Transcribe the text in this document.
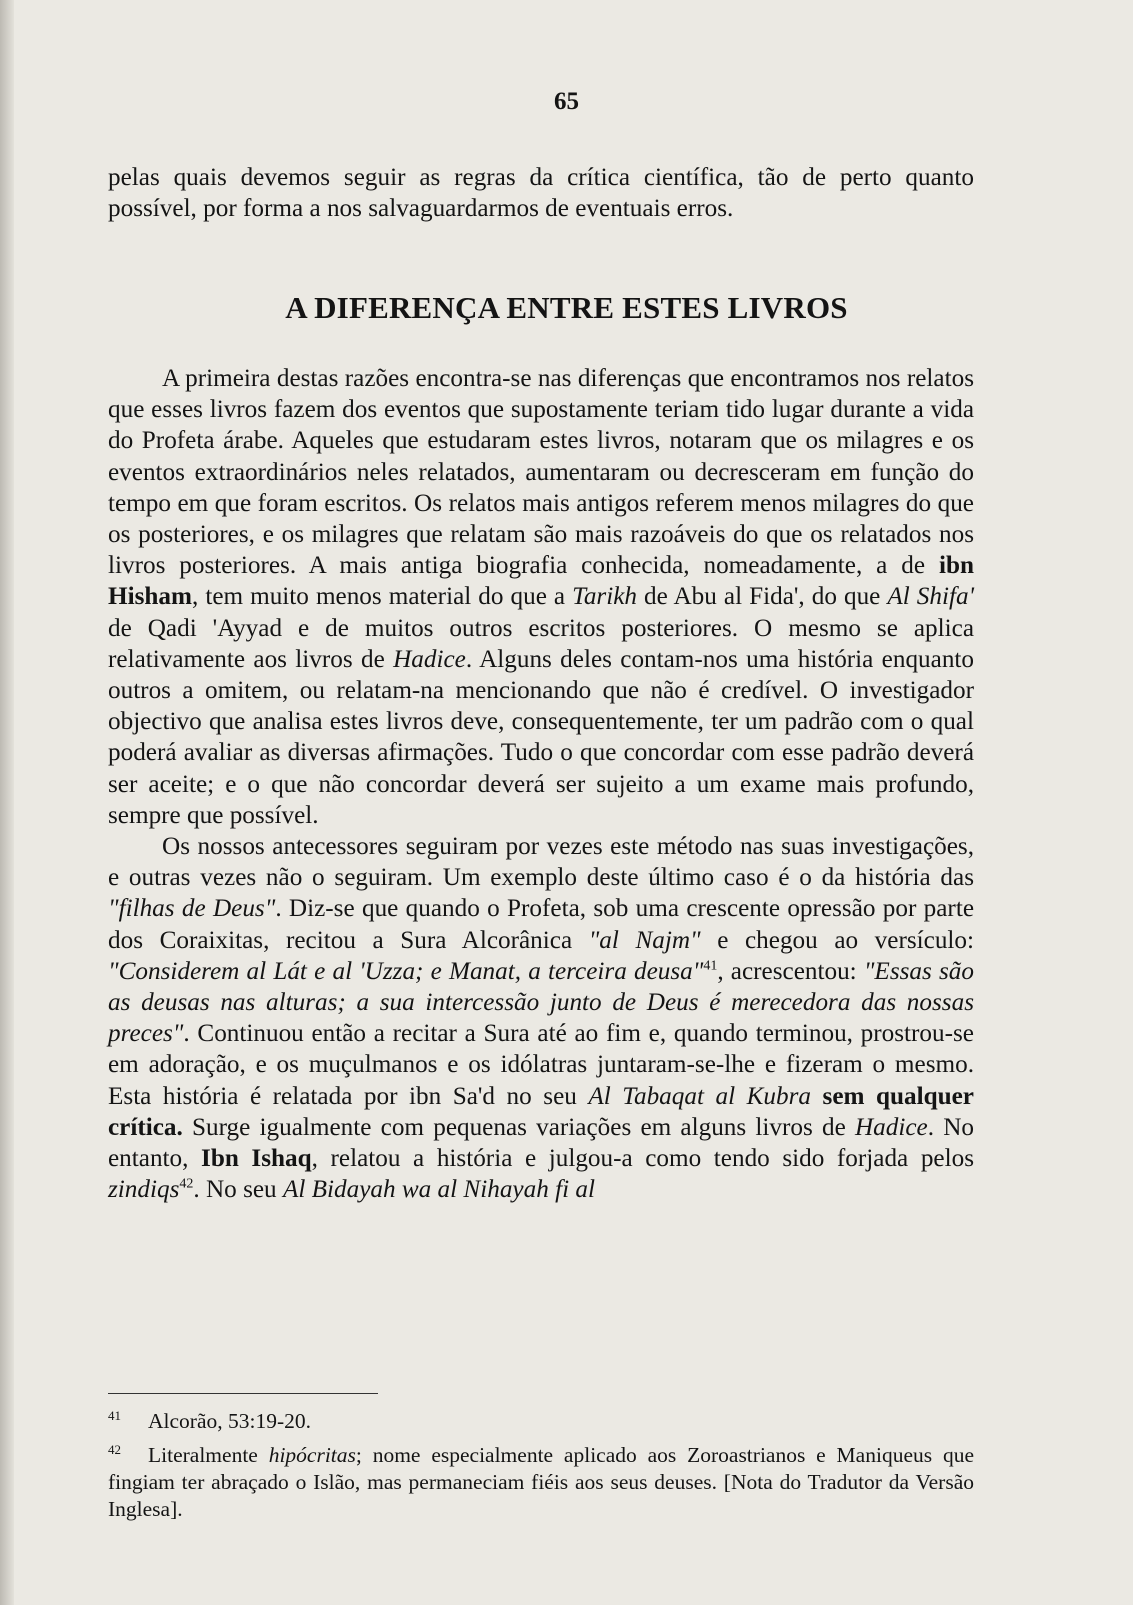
65

pelas quais devemos seguir as regras da crítica científica, tão de perto quanto possível, por forma a nos salvaguardarmos de eventuais erros.

A DIFERENÇA ENTRE ESTES LIVROS

A primeira destas razões encontra-se nas diferenças que encontramos nos relatos que esses livros fazem dos eventos que supostamente teriam tido lugar durante a vida do Profeta árabe. Aqueles que estudaram estes livros, notaram que os milagres e os eventos extraordinários neles relatados, aumentaram ou decresceram em função do tempo em que foram escritos. Os relatos mais antigos referem menos milagres do que os posteriores, e os milagres que relatam são mais razoáveis do que os relatados nos livros posteriores. A mais antiga biografia conhecida, nomeadamente, a de ibn Hisham, tem muito menos material do que a Tarikh de Abu al Fida', do que Al Shifa' de Qadi 'Ayyad e de muitos outros escritos posteriores. O mesmo se aplica relativamente aos livros de Hadice. Alguns deles contam-nos uma história enquanto outros a omitem, ou relatam-na mencionando que não é credível. O investigador objectivo que analisa estes livros deve, consequentemente, ter um padrão com o qual poderá avaliar as diversas afirmações. Tudo o que concordar com esse padrão deverá ser aceite; e o que não concordar deverá ser sujeito a um exame mais profundo, sempre que possível.

Os nossos antecessores seguiram por vezes este método nas suas investigações, e outras vezes não o seguiram. Um exemplo deste último caso é o da história das "filhas de Deus". Diz-se que quando o Profeta, sob uma crescente opressão por parte dos Coraixitas, recitou a Sura Alcorânica "al Najm" e chegou ao versículo: "Considerem al Lát e al 'Uzza; e Manat, a terceira deusa"$^{41}$, acrescentou: "Essas são as deusas nas alturas; a sua intercessão junto de Deus é merecedora das nossas preces". Continuou então a recitar a Sura até ao fim e, quando terminou, prostrou-se em adoração, e os muçulmanos e os idólatras juntaram-se-lhe e fizeram o mesmo. Esta história é relatada por ibn Sa'd no seu Al Tabaqat al Kubra sem qualquer crítica. Surge igualmente com pequenas variações em alguns livros de Hadice. No entanto, Ibn Ishaq, relatou a história e julgou-a como tendo sido forjada pelos zindiqs$^{42}$. No seu Al Bidayah wa al Nihayah fi al

41 Alcorão, 53:19-20.
42 Literalmente hipócritas; nome especialmente aplicado aos Zoroastrianos e Maniqueus que fingiam ter abraçado o Islão, mas permaneciam fiéis aos seus deuses. [Nota do Tradutor da Versão Inglesa].
